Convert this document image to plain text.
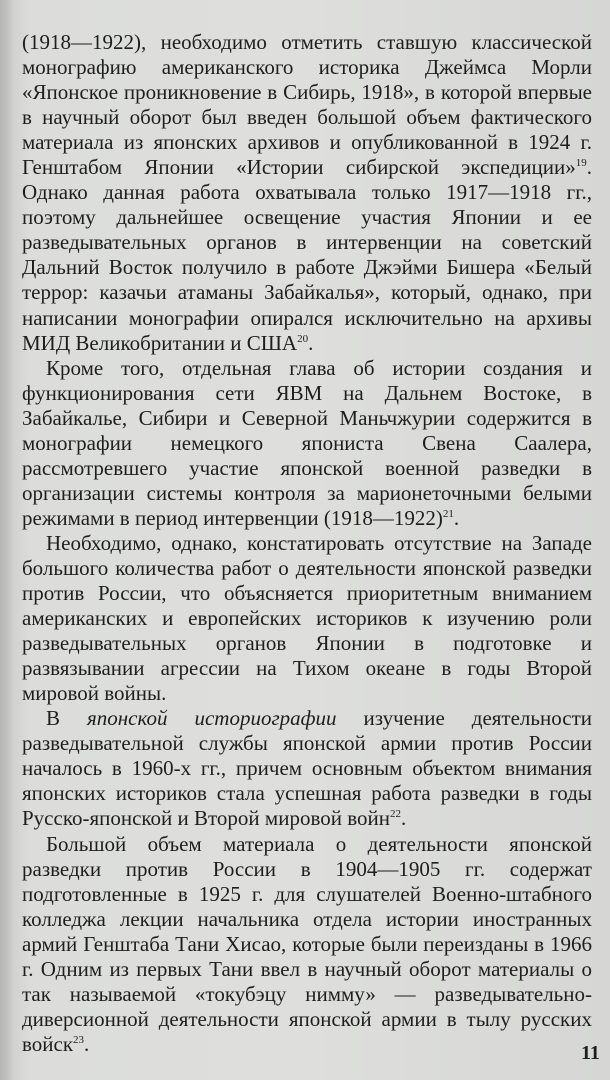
(1918—1922), необходимо отметить ставшую классической монографию американского историка Джеймса Морли «Японское проникновение в Сибирь, 1918», в которой впервые в научный оборот был введен большой объем фактического материала из японских архивов и опубликованной в 1924 г. Генштабом Японии «Истории сибирской экспедиции»$^{19}$. Однако данная работа охватывала только 1917—1918 гг., поэтому дальнейшее освещение участия Японии и ее разведывательных органов в интервенции на советский Дальний Восток получило в работе Джэйми Бишера «Белый террор: казачьи атаманы Забайкалья», который, однако, при написании монографии опирался исключительно на архивы МИД Великобритании и США$^{20}$.

Кроме того, отдельная глава об истории создания и функционирования сети ЯВМ на Дальнем Востоке, в Забайкалье, Сибири и Северной Маньчжурии содержится в монографии немецкого япониста Свена Саалера, рассмотревшего участие японской военной разведки в организации системы контроля за марионеточными белыми режимами в период интервенции (1918—1922)$^{21}$.

Необходимо, однако, констатировать отсутствие на Западе большого количества работ о деятельности японской разведки против России, что объясняется приоритетным вниманием американских и европейских историков к изучению роли разведывательных органов Японии в подготовке и развязывании агрессии на Тихом океане в годы Второй мировой войны.

В японской историографии изучение деятельности разведывательной службы японской армии против России началось в 1960-х гг., причем основным объектом внимания японских историков стала успешная работа разведки в годы Русско-японской и Второй мировой войн$^{22}$.

Большой объем материала о деятельности японской разведки против России в 1904—1905 гг. содержат подготовленные в 1925 г. для слушателей Военно-штабного колледжа лекции начальника отдела истории иностранных армий Генштаба Тани Хисао, которые были переизданы в 1966 г. Одним из первых Тани ввел в научный оборот материалы о так называемой «токубэцу нимму» — разведывательно-диверсионной деятельности японской армии в тылу русских войск$^{23}$.	11
